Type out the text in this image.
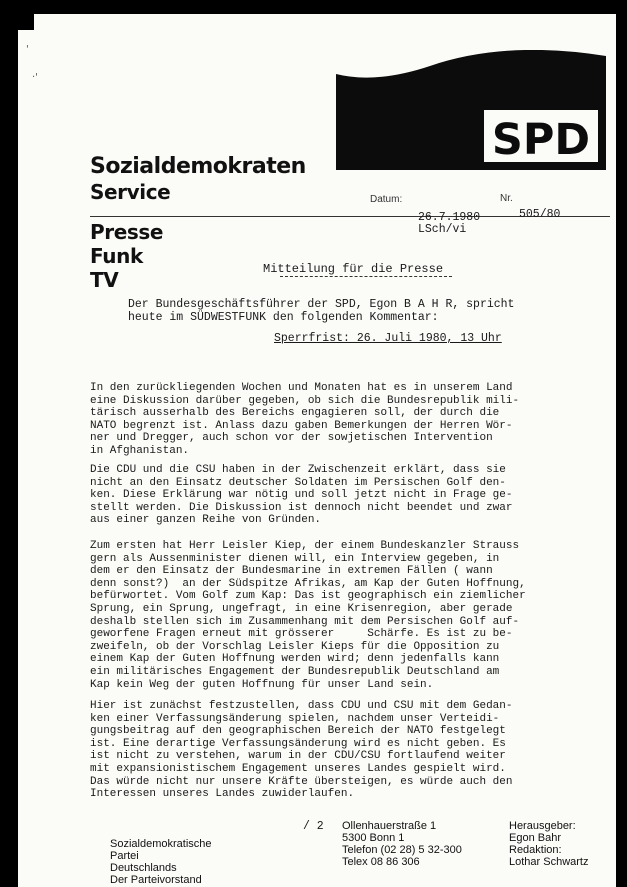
'
·'
SPD
Sozialdemokraten
Service
Presse
Funk
TV
Datum:	Nr.
26.7.1980	505/80
LSch/vi
Mitteilung für die Presse
Der Bundesgeschäftsführer der SPD, Egon B A H R, spricht
heute im SÜDWESTFUNK den folgenden Kommentar:
Sperrfrist: 26. Juli 1980, 13 Uhr
In den zurückliegenden Wochen und Monaten hat es in unserem Land
eine Diskussion darüber gegeben, ob sich die Bundesrepublik mili-
tärisch ausserhalb des Bereichs engagieren soll, der durch die
NATO begrenzt ist. Anlass dazu gaben Bemerkungen der Herren Wör-
ner und Dregger, auch schon vor der sowjetischen Intervention
in Afghanistan.
Die CDU und die CSU haben in der Zwischenzeit erklärt, dass sie
nicht an den Einsatz deutscher Soldaten im Persischen Golf den-
ken. Diese Erklärung war nötig und soll jetzt nicht in Frage ge-
stellt werden. Die Diskussion ist dennoch nicht beendet und zwar
aus einer ganzen Reihe von Gründen.
Zum ersten hat Herr Leisler Kiep, der einem Bundeskanzler Strauss
gern als Aussenminister dienen will, ein Interview gegeben, in
dem er den Einsatz der Bundesmarine in extremen Fällen ( wann
denn sonst?)  an der Südspitze Afrikas, am Kap der Guten Hoffnung,
befürwortet. Vom Golf zum Kap: Das ist geographisch ein ziemlicher
Sprung, ein Sprung, ungefragt, in eine Krisenregion, aber gerade
deshalb stellen sich im Zusammenhang mit dem Persischen Golf auf-
geworfene Fragen erneut mit grösserer     Schärfe. Es ist zu be-
zweifeln, ob der Vorschlag Leisler Kieps für die Opposition zu
einem Kap der Guten Hoffnung werden wird; denn jedenfalls kann
ein militärisches Engagement der Bundesrepublik Deutschland am
Kap kein Weg der guten Hoffnung für unser Land sein.
Hier ist zunächst festzustellen, dass CDU und CSU mit dem Gedan-
ken einer Verfassungsänderung spielen, nachdem unser Verteidi-
gungsbeitrag auf den geographischen Bereich der NATO festgelegt
ist. Eine derartige Verfassungsänderung wird es nicht geben. Es
ist nicht zu verstehen, warum in der CDU/CSU fortlaufend weiter
mit expansionistischem Engagement unseres Landes gespielt wird.
Das würde nicht nur unsere Kräfte übersteigen, es würde auch den
Interessen unseres Landes zuwiderlaufen.
/ 2

Sozialdemokratische

Partei

Deutschlands

Der Parteivorstand

Ollenhauerstraße 1

5300 Bonn 1

Telefon (02 28) 5 32-300

Telex 08 86 306

Herausgeber:

Egon Bahr

Redaktion:

Lothar Schwartz
